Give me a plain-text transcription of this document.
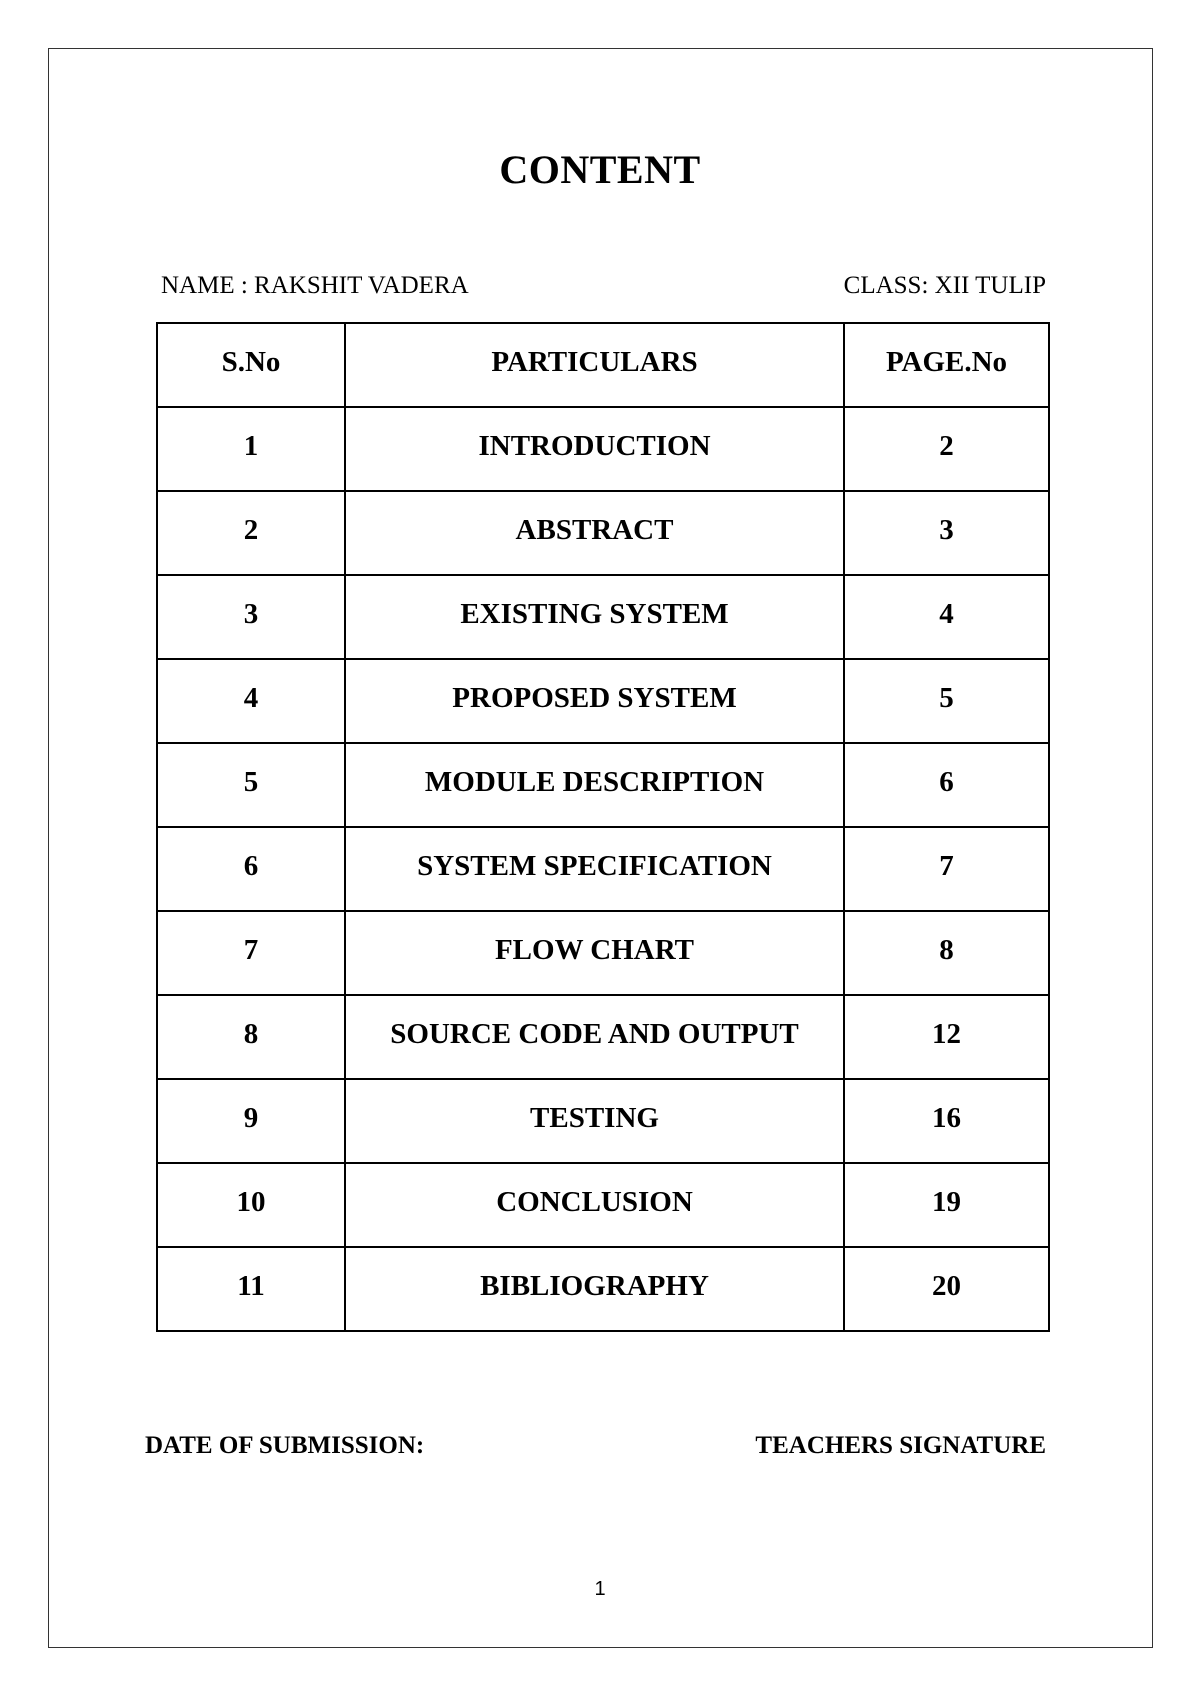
CONTENT
NAME : RAKSHIT VADERA	CLASS: XII TULIP
S.No	PARTICULARS	PAGE.No
1	INTRODUCTION	2
2	ABSTRACT	3
3	EXISTING SYSTEM	4
4	PROPOSED SYSTEM	5
5	MODULE DESCRIPTION	6
6	SYSTEM SPECIFICATION	7
7	FLOW CHART	8
8	SOURCE CODE AND OUTPUT	12
9	TESTING	16
10	CONCLUSION	19
11	BIBLIOGRAPHY	20
DATE OF SUBMISSION:	TEACHERS SIGNATURE
1
